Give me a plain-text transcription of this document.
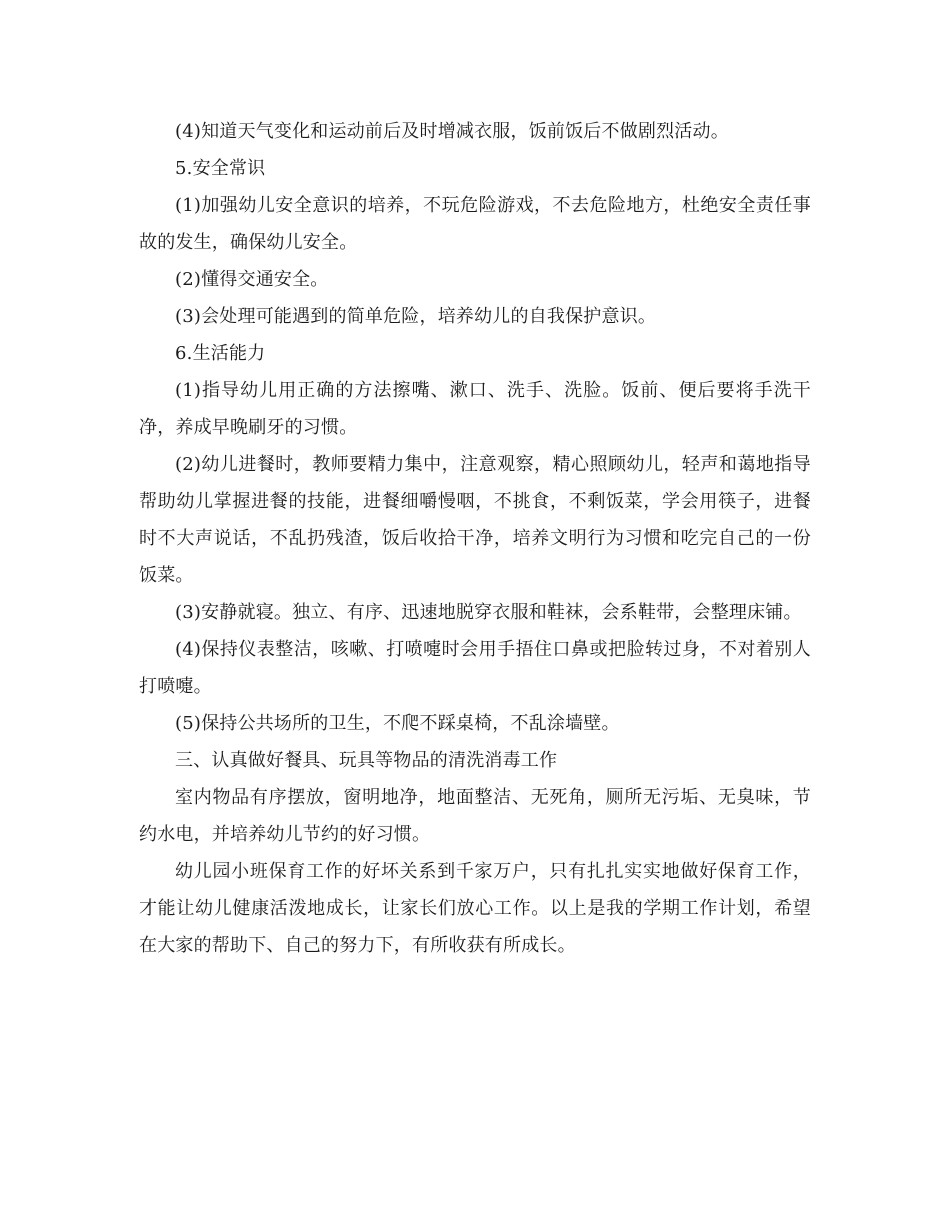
(4)知道天气变化和运动前后及时增减衣服，饭前饭后不做剧烈活动。

5.安全常识

(1)加强幼儿安全意识的培养，不玩危险游戏，不去危险地方，杜绝安全责任事故的发生，确保幼儿安全。

(2)懂得交通安全。

(3)会处理可能遇到的简单危险，培养幼儿的自我保护意识。

6.生活能力

(1)指导幼儿用正确的方法擦嘴、漱口、洗手、洗脸。饭前、便后要将手洗干净，养成早晚刷牙的习惯。

(2)幼儿进餐时，教师要精力集中，注意观察，精心照顾幼儿，轻声和蔼地指导帮助幼儿掌握进餐的技能，进餐细嚼慢咽，不挑食，不剩饭菜，学会用筷子，进餐时不大声说话，不乱扔残渣，饭后收拾干净，培养文明行为习惯和吃完自己的一份饭菜。

(3)安静就寝。独立、有序、迅速地脱穿衣服和鞋袜，会系鞋带，会整理床铺。

(4)保持仪表整洁，咳嗽、打喷嚏时会用手捂住口鼻或把脸转过身，不对着别人打喷嚏。

(5)保持公共场所的卫生，不爬不踩桌椅，不乱涂墙壁。

三、认真做好餐具、玩具等物品的清洗消毒工作

室内物品有序摆放，窗明地净，地面整洁、无死角，厕所无污垢、无臭味，节约水电，并培养幼儿节约的好习惯。

幼儿园小班保育工作的好坏关系到千家万户，只有扎扎实实地做好保育工作，才能让幼儿健康活泼地成长，让家长们放心工作。以上是我的学期工作计划，希望在大家的帮助下、自己的努力下，有所收获有所成长。
